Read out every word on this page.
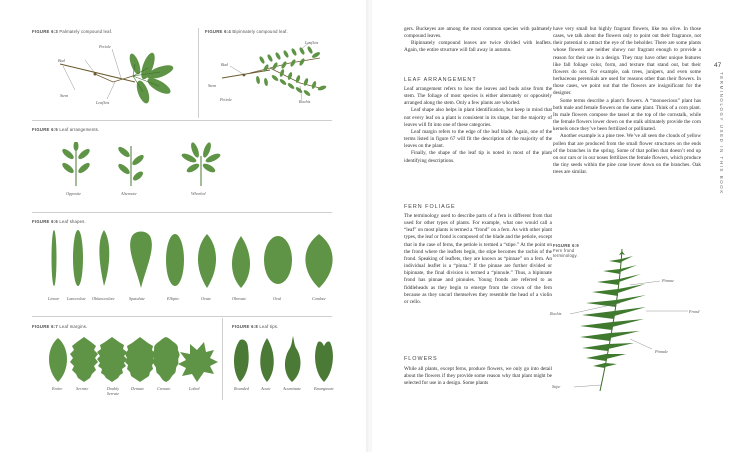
FIGURE 6:3 Palmately compound leaf.
Petiole
Bud
Stem
Leaflets
FIGURE 6:4 Bipinnately compound leaf.
Leaflets
Bud
Stem
Petiole	Rachis
FIGURE 6:5 Leaf arrangements.
Opposite	Alternate	Whorled
FIGURE 6:6 Leaf shapes.
Linear Lanceolate Oblanceolate	Spatulate	Elliptic	Ovate	Obovate	Oval	Cordate
FIGURE 6:7 Leaf margins.
Entire	Serrate	Doubly Serrate
Dentate	Crenate	Lobed
FIGURE 6:8 Leaf tips.
Rounded	Acute	Acuminate	Emarginate
47
TERMINOLOGY USED IN THIS BOOK

gers. Buckeyes are among the most common species with palmately compound leaves.

Bipinnately compound leaves are twice divided with leaflets. Again, the entire structure will fall away in autumn.

LEAF ARRANGEMENT

Leaf arrangement refers to how the leaves and buds arise from the stem. The foliage of most species is either alternately or oppositely arranged along the stem. Only a few plants are whorled.

Leaf shape also helps in plant identification, but keep in mind that not every leaf on a plant is consistent in its shape, but the majority of leaves will fit into one of these categories.

Leaf margin refers to the edge of the leaf blade. Again, one of the terms listed in figure 67 will fit the description of the majority of the leaves on the plant.

Finally, the shape of the leaf tip is noted in most of the plant identifying descriptions.

FERN FOLIAGE

The terminology used to describe parts of a fern is different from that used for other types of plants. For example, what one would call a “leaf” on most plants is termed a “frond” on a fern. As with other plant types, the leaf or frond is composed of the blade and the petiole, except that in the case of ferns, the petiole is termed a “stipe.” At the point on the frond where the leaflets begin, the stipe becomes the rachis of the frond. Speaking of leaflets, they are known as “pinnae” on a fern. An individual leaflet is a “pinna.” If the pinnae are further divided or bipinnate, the final division is termed a “pinnule.” Thus, a bipinnate frond has pinnae and pinnules. Young fronds are referred to as fiddleheads as they begin to emerge from the crown of the fern because as they uncurl themselves they resemble the head of a violin or cello.

FLOWERS

While all plants, except ferns, produce flowers, we only go into detail about the flowers if they provide some reason why that plant might be selected for use in a design. Some plants

have very small but highly fragrant flowers, like tea olive. In those cases, we talk about the flowers only to point out their fragrance, not their potential to attract the eye of the beholder. There are some plants whose flowers are neither showy nor fragrant enough to provide a reason for their use in a design. They may have other unique features like fall foliage color, form, and texture that stand out, but their flowers do not. For example, oak trees, junipers, and even some herbaceous perennials are used for reasons other than their flowers. In those cases, we point out that the flowers are insignificant for the designer.

Some terms describe a plant’s flowers. A “monoecious” plant has both male and female flowers on the same plant. Think of a corn plant. Its male flowers compose the tassel at the top of the cornstalk, while the female flowers lower down on the stalk ultimately provide the corn kernels once they’ve been fertilized or pollinated.

Another example is a pine tree. We’ve all seen the clouds of yellow pollen that are produced from the small flower structures on the ends of the branches in the spring. Some of that pollen that doesn’t end up on our cars or in our noses fertilizes the female flowers, which produce the tiny seeds within the pine cone lower down on the branches. Oak trees are similar.

FIGURE 6:9 Fern frond terminology.
Pinnae
Rachis	Frond
Pinnule
Stipe
